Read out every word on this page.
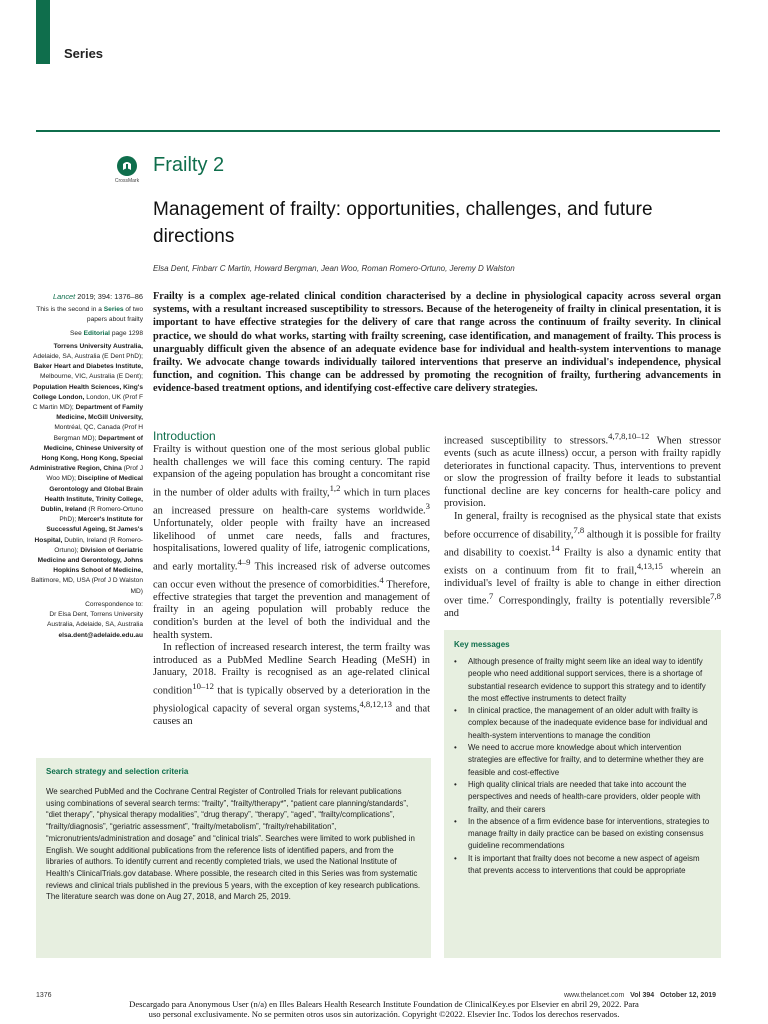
Series
CrossMark
Frailty 2
Management of frailty: opportunities, challenges, and future directions
Elsa Dent, Finbarr C Martin, Howard Bergman, Jean Woo, Roman Romero-Ortuno, Jeremy D Walston
Lancet 2019; 394: 1376–86

This is the second in a Series of two papers about frailty

See Editorial page 1298

Torrens University Australia, Adelaide, SA, Australia (E Dent PhD); Baker Heart and Diabetes Institute, Melbourne, VIC, Australia (E Dent); Population Health Sciences, King's College London, London, UK (Prof F C Martin MD); Department of Family Medicine, McGill University, Montréal, QC, Canada (Prof H Bergman MD); Department of Medicine, Chinese University of Hong Kong, Hong Kong, Special Administrative Region, China (Prof J Woo MD); Discipline of Medical Gerontology and Global Brain Health Institute, Trinity College, Dublin, Ireland (R Romero-Ortuno PhD); Mercer's Institute for Successful Ageing, St James's Hospital, Dublin, Ireland (R Romero-Ortuno); Division of Geriatric Medicine and Gerontology, Johns Hopkins School of Medicine, Baltimore, MD, USA (Prof J D Walston MD)

Correspondence to:
Dr Elsa Dent, Torrens University Australia, Adelaide, SA, Australia
elsa.dent@adelaide.edu.au

Frailty is a complex age-related clinical condition characterised by a decline in physiological capacity across several organ systems, with a resultant increased susceptibility to stressors. Because of the heterogeneity of frailty in clinical presentation, it is important to have effective strategies for the delivery of care that range across the continuum of frailty severity. In clinical practice, we should do what works, starting with frailty screening, case identification, and management of frailty. This process is unarguably difficult given the absence of an adequate evidence base for individual and health-system interventions to manage frailty. We advocate change towards individually tailored interventions that preserve an individual's independence, physical function, and cognition. This change can be addressed by promoting the recognition of frailty, furthering advancements in evidence-based treatment options, and identifying cost-effective care delivery strategies.

Introduction

Frailty is without question one of the most serious global public health challenges we will face this coming century. The rapid expansion of the ageing population has brought a concomitant rise in the number of older adults with frailty,$^{1,2}$ which in turn places an increased pressure on health-care systems worldwide.$^3$ Unfortunately, older people with frailty have an increased likelihood of unmet care needs, falls and fractures, hospitalisations, lowered quality of life, iatrogenic complications, and early mortality.$^{4-9}$ This increased risk of adverse outcomes can occur even without the presence of comorbidities.$^4$ Therefore, effective strategies that target the prevention and management of frailty in an ageing population will probably reduce the condition's burden at the level of both the individual and the health system.

In reflection of increased research interest, the term frailty was introduced as a PubMed Medline Search Heading (MeSH) in January, 2018. Frailty is recognised as an age-related clinical condition$^{10-12}$ that is typically observed by a deterioration in the physiological capacity of several organ systems,$^{4,8,12,13}$ and that causes an

increased susceptibility to stressors.$^{4,7,8,10-12}$ When stressor events (such as acute illness) occur, a person with frailty rapidly deteriorates in functional capacity. Thus, interventions to prevent or slow the progression of frailty before it leads to substantial functional decline are key concerns for health-care policy and provision.

In general, frailty is recognised as the physical state that exists before occurrence of disability,$^{7,8}$ although it is possible for frailty and disability to coexist.$^{14}$ Frailty is also a dynamic entity that exists on a continuum from fit to frail,$^{4,13,15}$ wherein an individual's level of frailty is able to change in either direction over time.$^7$ Correspondingly, frailty is potentially reversible$^{7,8}$ and

Search strategy and selection criteria

We searched PubMed and the Cochrane Central Register of Controlled Trials for relevant publications using combinations of several search terms: “frailty”, “frailty/therapy*”, “patient care planning/standards”, “diet therapy”, “physical therapy modalities”, “drug therapy”, “therapy”, “aged”, “frailty/complications”, “frailty/diagnosis”, “geriatric assessment”, “frailty/metabolism”, “frailty/rehabilitation”, “micronutrients/administration and dosage” and “clinical trials”. Searches were limited to work published in English. We sought additional publications from the reference lists of identified papers, and from the libraries of authors. To identify current and recently completed trials, we used the National Institute of Health's ClinicalTrials.gov database. Where possible, the research cited in this Series was from systematic reviews and clinical trials published in the previous 5 years, with the exception of key research publications. The literature search was done on Aug 27, 2018, and March 25, 2019.

Key messages
• Although presence of frailty might seem like an ideal way to identify people who need additional support services, there is a shortage of substantial research evidence to support this strategy and to identify the most effective instruments to detect frailty
• In clinical practice, the management of an older adult with frailty is complex because of the inadequate evidence base for individual and health-system interventions to manage the condition
• We need to accrue more knowledge about which intervention strategies are effective for frailty, and to determine whether they are feasible and cost-effective
• High quality clinical trials are needed that take into account the perspectives and needs of health-care providers, older people with frailty, and their carers
• In the absence of a firm evidence base for interventions, strategies to manage frailty in daily practice can be based on existing consensus guideline recommendations
• It is important that frailty does not become a new aspect of ageism that prevents access to interventions that could be appropriate
1376	www.thelancet.com Vol 394 October 12, 2019
Descargado para Anonymous User (n/a) en Illes Balears Health Research Institute Foundation de ClinicalKey.es por Elsevier en abril 29, 2022. Para
uso personal exclusivamente. No se permiten otros usos sin autorización. Copyright ©2022. Elsevier Inc. Todos los derechos reservados.
